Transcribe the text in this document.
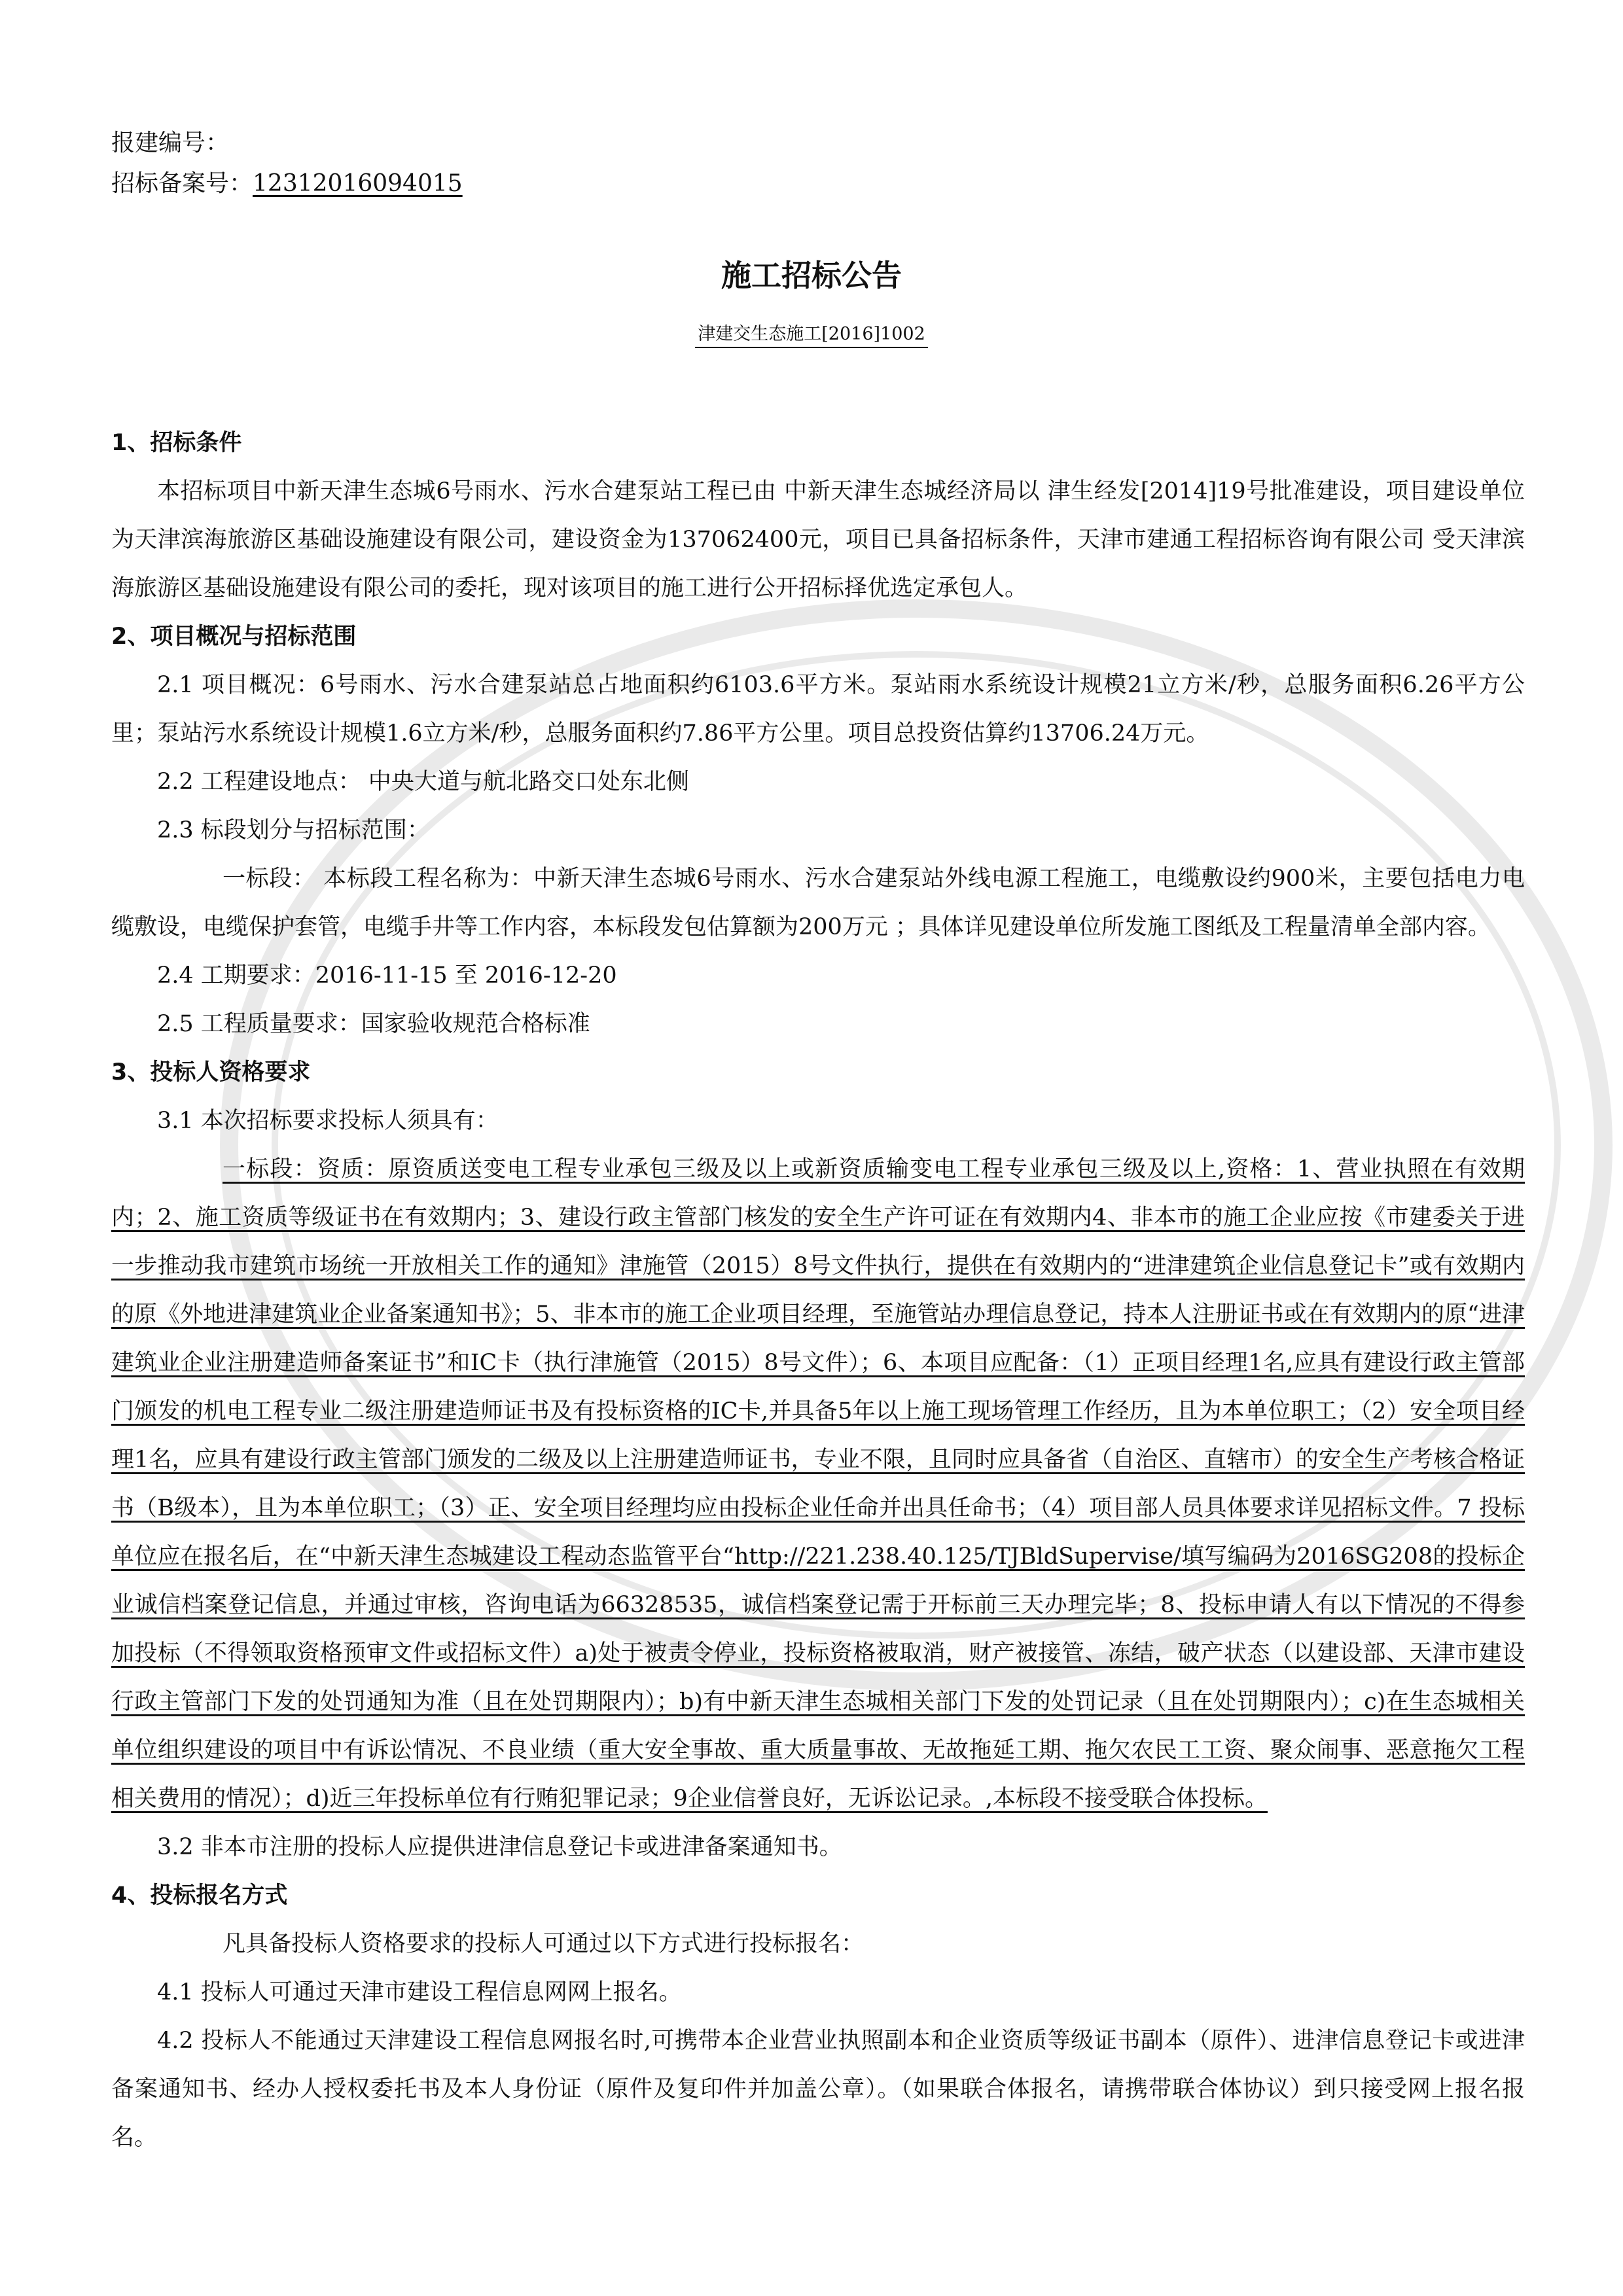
报建编号：
招标备案号：12312016094015
施工招标公告
津建交生态施工[2016]1002
1、招标条件

本招标项目中新天津生态城6号雨水、污水合建泵站工程已由 中新天津生态城经济局以 津生经发[2014]19号批准建设，项目建设单位为天津滨海旅游区基础设施建设有限公司，建设资金为137062400元，项目已具备招标条件，天津市建通工程招标咨询有限公司 受天津滨海旅游区基础设施建设有限公司的委托，现对该项目的施工进行公开招标择优选定承包人。

2、项目概况与招标范围

2.1 项目概况：6号雨水、污水合建泵站总占地面积约6103.6平方米。泵站雨水系统设计规模21立方米/秒，总服务面积6.26平方公里；泵站污水系统设计规模1.6立方米/秒，总服务面积约7.86平方公里。项目总投资估算约13706.24万元。

2.2 工程建设地点： 中央大道与航北路交口处东北侧

2.3 标段划分与招标范围：

一标段： 本标段工程名称为：中新天津生态城6号雨水、污水合建泵站外线电源工程施工，电缆敷设约900米，主要包括电力电缆敷设，电缆保护套管，电缆手井等工作内容，本标段发包估算额为200万元 ；具体详见建设单位所发施工图纸及工程量清单全部内容。

2.4 工期要求：2016-11-15 至 2016-12-20

2.5 工程质量要求：国家验收规范合格标准

3、投标人资格要求

3.1 本次招标要求投标人须具有：

一标段：资质：原资质送变电工程专业承包三级及以上或新资质输变电工程专业承包三级及以上,资格：1、营业执照在有效期内；2、施工资质等级证书在有效期内；3、建设行政主管部门核发的安全生产许可证在有效期内4、非本市的施工企业应按《市建委关于进一步推动我市建筑市场统一开放相关工作的通知》津施管（2015）8号文件执行，提供在有效期内的“进津建筑企业信息登记卡”或有效期内的原《外地进津建筑业企业备案通知书》；5、非本市的施工企业项目经理，至施管站办理信息登记，持本人注册证书或在有效期内的原“进津建筑业企业注册建造师备案证书”和IC卡（执行津施管（2015）8号文件）；6、本项目应配备：（1）正项目经理1名,应具有建设行政主管部门颁发的机电工程专业二级注册建造师证书及有投标资格的IC卡,并具备5年以上施工现场管理工作经历，且为本单位职工；（2）安全项目经理1名，应具有建设行政主管部门颁发的二级及以上注册建造师证书，专业不限，且同时应具备省（自治区、直辖市）的安全生产考核合格证书（B级本），且为本单位职工；（3）正、安全项目经理均应由投标企业任命并出具任命书；（4）项目部人员具体要求详见招标文件。7 投标单位应在报名后，在“中新天津生态城建设工程动态监管平台“http://221.238.40.125/TJBldSupervise/填写编码为2016SG208的投标企业诚信档案登记信息，并通过审核，咨询电话为66328535，诚信档案登记需于开标前三天办理完毕；8、投标申请人有以下情况的不得参加投标（不得领取资格预审文件或招标文件）a)处于被责令停业，投标资格被取消，财产被接管、冻结，破产状态（以建设部、天津市建设行政主管部门下发的处罚通知为准（且在处罚期限内）；b)有中新天津生态城相关部门下发的处罚记录（且在处罚期限内）；c)在生态城相关单位组织建设的项目中有诉讼情况、不良业绩（重大安全事故、重大质量事故、无故拖延工期、拖欠农民工工资、聚众闹事、恶意拖欠工程相关费用的情况）；d)近三年投标单位有行贿犯罪记录；9企业信誉良好，无诉讼记录。,本标段不接受联合体投标。

3.2 非本市注册的投标人应提供进津信息登记卡或进津备案通知书。

4、投标报名方式

凡具备投标人资格要求的投标人可通过以下方式进行投标报名：

4.1 投标人可通过天津市建设工程信息网网上报名。

4.2 投标人不能通过天津建设工程信息网报名时,可携带本企业营业执照副本和企业资质等级证书副本（原件）、进津信息登记卡或进津备案通知书、经办人授权委托书及本人身份证（原件及复印件并加盖公章）。（如果联合体报名，请携带联合体协议）到只接受网上报名报名。
